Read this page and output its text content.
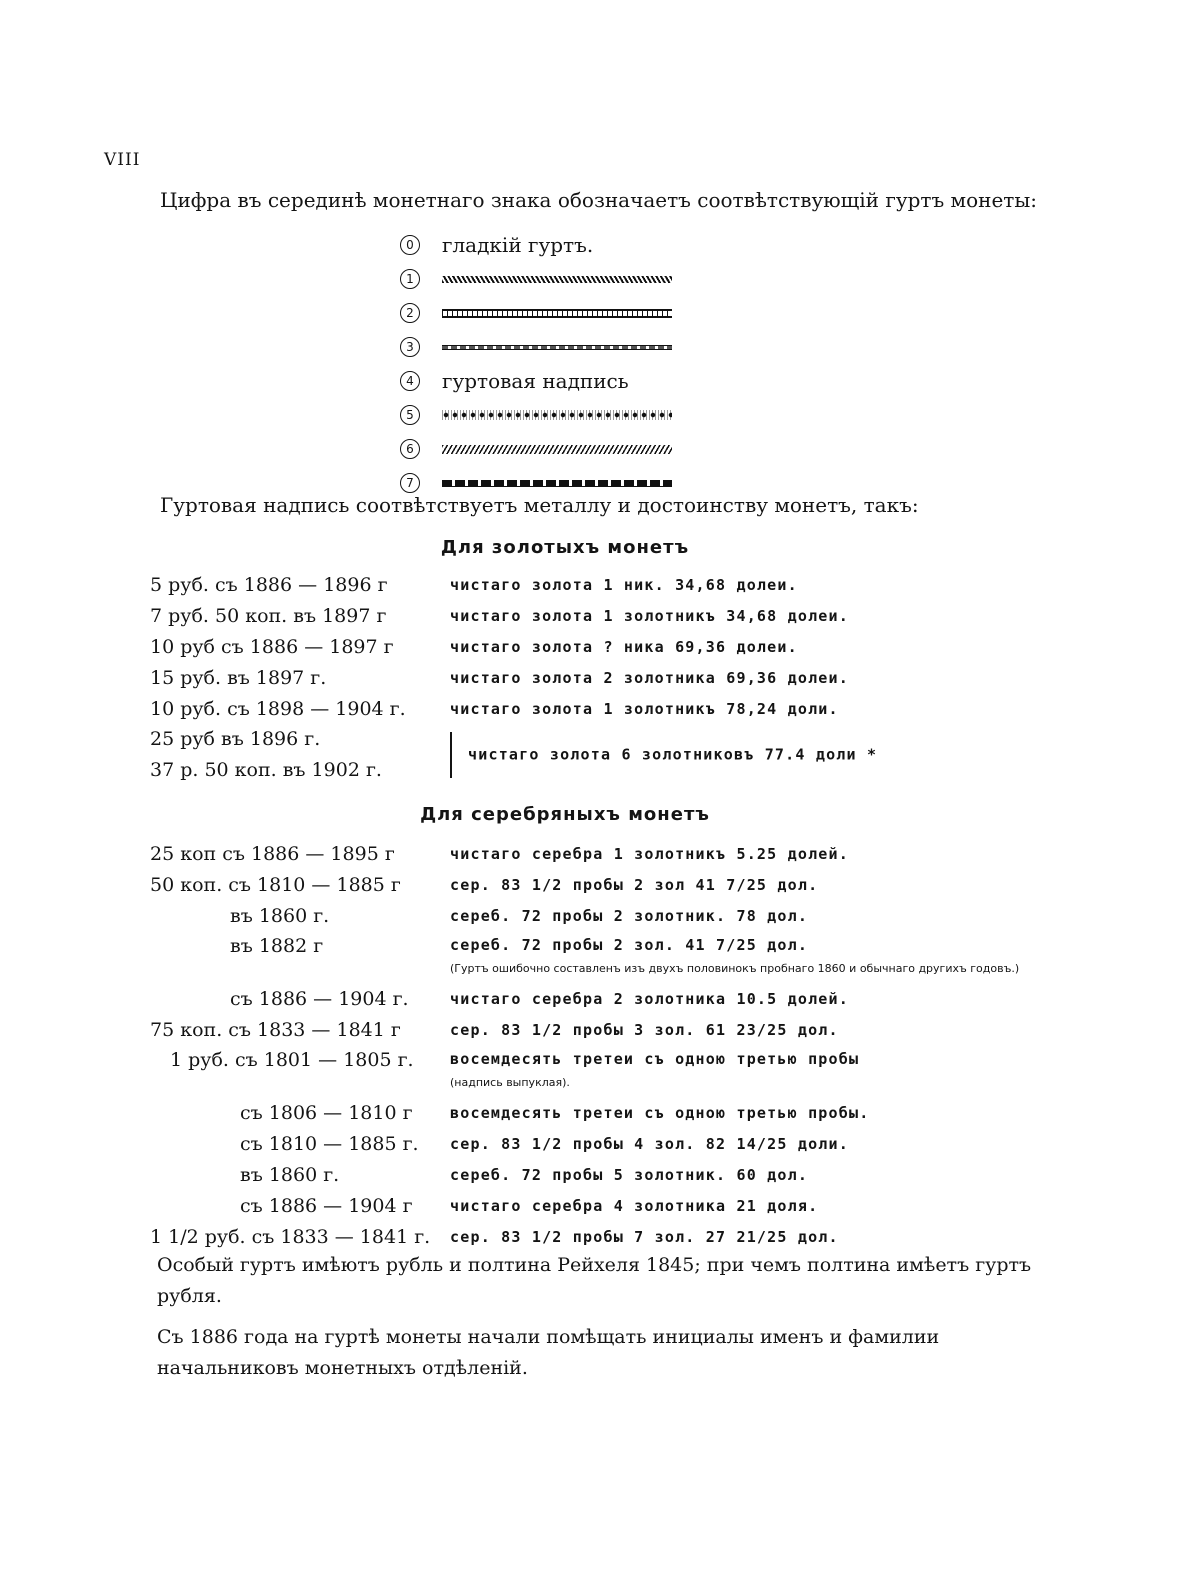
VIII
Цифра въ серединѣ монетнаго знака обозначаетъ соотвѣтствующій гуртъ монеты:
0	гладкій гуртъ.
1
2
3
4	гуртовая надпись
5
6
7
Гуртовая надпись соотвѣтствуетъ металлу и достоинству монетъ, такъ:
Для золотыхъ монетъ
5 руб. съ 1886 — 1896 г	чистаго золота 1 ник. 34,68 долеи.
7 руб. 50 коп. въ 1897 г	чистаго золота 1 золотникъ 34,68 долеи.
10 руб съ 1886 — 1897 г	чистаго золота ? ника 69,36 долеи.
15 руб. въ 1897 г.	чистаго золота 2 золотника 69,36 долеи.
10 руб. съ 1898 — 1904 г.	чистаго золота 1 золотникъ 78,24 доли.
25 руб въ 1896 г.
37 р. 50 коп. въ 1902 г.
чистаго золота 6 золотниковъ 77.4 доли *
Для серебряныхъ монетъ
25 коп съ 1886 — 1895 г	чистаго серебра 1 золотникъ 5.25 долей.
50 коп. съ 1810 — 1885 г	сер. 83 1/2 пробы 2 зол 41 7/25 дол.
въ 1860 г.	сереб. 72 пробы 2 золотник. 78 дол.
въ 1882 г	сереб. 72 пробы 2 зол. 41 7/25 дол.
(Гуртъ ошибочно составленъ изъ двухъ половинокъ пробнаго 1860 и обычнаго другихъ годовъ.)
съ 1886 — 1904 г.	чистаго серебра 2 золотника 10.5 долей.
75 коп. съ 1833 — 1841 г	сер. 83 1/2 пробы 3 зол. 61 23/25 дол.
1 руб. съ 1801 — 1805 г.	восемдесять третеи съ одною третью пробы
(надпись выпуклая).
съ 1806 — 1810 г	восемдесять третеи съ одною третью пробы.
съ 1810 — 1885 г.	сер. 83 1/2 пробы 4 зол. 82 14/25 доли.
въ 1860 г.	сереб. 72 пробы 5 золотник. 60 дол.
съ 1886 — 1904 г	чистаго серебра 4 золотника 21 доля.
1 1/2 руб. съ 1833 — 1841 г.	сер. 83 1/2 пробы 7 зол. 27 21/25 дол.

Особый гуртъ имѣютъ рубль и полтина Рейхеля 1845; при чемъ полтина имѣетъ гуртъ рубля.

Съ 1886 года на гуртѣ монеты начали помѣщать инициалы именъ и фамилии начальниковъ монетныхъ отдѣленій.
